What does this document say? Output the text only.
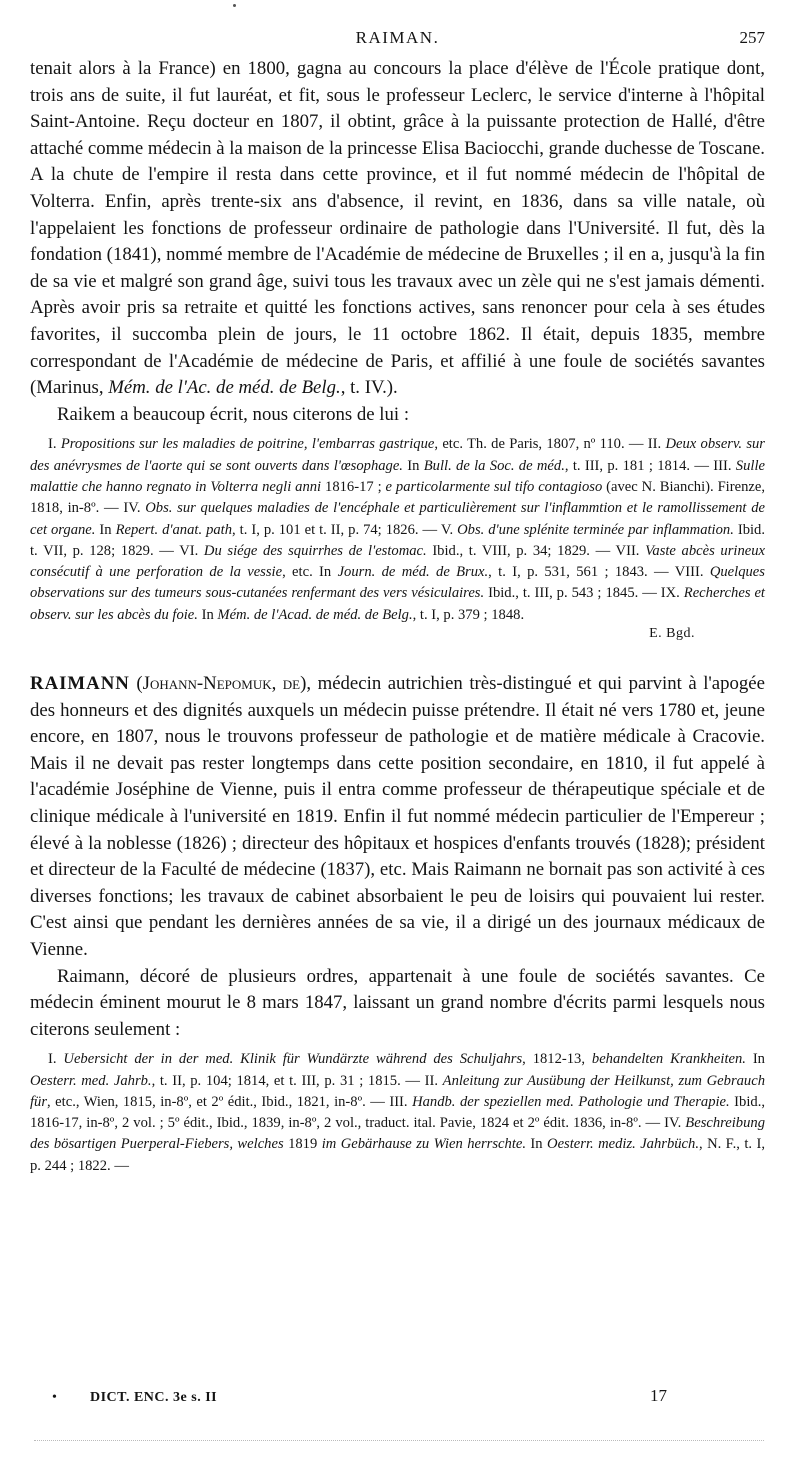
RAIMAN.	257

tenait alors à la France) en 1800, gagna au concours la place d'élève de l'École pratique dont, trois ans de suite, il fut lauréat, et fit, sous le professeur Leclerc, le service d'interne à l'hôpital Saint-Antoine. Reçu docteur en 1807, il obtint, grâce à la puissante protection de Hallé, d'être attaché comme médecin à la maison de la princesse Elisa Baciocchi, grande duchesse de Toscane. A la chute de l'empire il resta dans cette province, et il fut nommé médecin de l'hôpital de Volterra. Enfin, après trente-six ans d'absence, il revint, en 1836, dans sa ville natale, où l'appelaient les fonctions de professeur ordinaire de pathologie dans l'Université. Il fut, dès la fondation (1841), nommé membre de l'Académie de médecine de Bruxelles ; il en a, jusqu'à la fin de sa vie et malgré son grand âge, suivi tous les travaux avec un zèle qui ne s'est jamais démenti. Après avoir pris sa retraite et quitté les fonctions actives, sans renoncer pour cela à ses études favorites, il succomba plein de jours, le 11 octobre 1862. Il était, depuis 1835, membre correspondant de l'Académie de médecine de Paris, et affilié à une foule de sociétés savantes (Marinus, Mém. de l'Ac. de méd. de Belg., t. IV.).

Raikem a beaucoup écrit, nous citerons de lui :

I. Propositions sur les maladies de poitrine, l'embarras gastrique, etc. Th. de Paris, 1807, nº 110. — II. Deux observ. sur des anévrysmes de l'aorte qui se sont ouverts dans l'œsophage. In Bull. de la Soc. de méd., t. III, p. 181 ; 1814. — III. Sulle malattie che hanno regnato in Volterra negli anni 1816-17 ; e particolarmente sul tifo contagioso (avec N. Bianchi). Firenze, 1818, in-8º. — IV. Obs. sur quelques maladies de l'encéphale et particulièrement sur l'inflammtion et le ramollissement de cet organe. In Repert. d'anat. path, t. I, p. 101 et t. II, p. 74; 1826. — V. Obs. d'une splénite terminée par inflammation. Ibid. t. VII, p. 128; 1829. — VI. Du siége des squirrhes de l'estomac. Ibid., t. VIII, p. 34; 1829. — VII. Vaste abcès urineux consécutif à une perforation de la vessie, etc. In Journ. de méd. de Brux., t. I, p. 531, 561 ; 1843. — VIII. Quelques observations sur des tumeurs sous-cutanées renfermant des vers vésiculaires. Ibid., t. III, p. 543 ; 1845. — IX. Recherches et observ. sur les abcès du foie. In Mém. de l'Acad. de méd. de Belg., t. I, p. 379 ; 1848.

E. Bgd.

RAIMANN (Johann-Nepomuk, de), médecin autrichien très-distingué et qui parvint à l'apogée des honneurs et des dignités auxquels un médecin puisse prétendre. Il était né vers 1780 et, jeune encore, en 1807, nous le trouvons professeur de pathologie et de matière médicale à Cracovie. Mais il ne devait pas rester longtemps dans cette position secondaire, en 1810, il fut appelé à l'académie Joséphine de Vienne, puis il entra comme professeur de thérapeutique spéciale et de clinique médicale à l'université en 1819. Enfin il fut nommé médecin particulier de l'Empereur ; élevé à la noblesse (1826) ; directeur des hôpitaux et hospices d'enfants trouvés (1828); président et directeur de la Faculté de médecine (1837), etc. Mais Raimann ne bornait pas son activité à ces diverses fonctions; les travaux de cabinet absorbaient le peu de loisirs qui pouvaient lui rester. C'est ainsi que pendant les dernières années de sa vie, il a dirigé un des journaux médicaux de Vienne.

Raimann, décoré de plusieurs ordres, appartenait à une foule de sociétés savantes. Ce médecin éminent mourut le 8 mars 1847, laissant un grand nombre d'écrits parmi lesquels nous citerons seulement :

I. Uebersicht der in der med. Klinik für Wundärzte während des Schuljahrs, 1812-13, behandelten Krankheiten. In Oesterr. med. Jahrb., t. II, p. 104; 1814, et t. III, p. 31 ; 1815. — II. Anleitung zur Ausübung der Heilkunst, zum Gebrauch für, etc., Wien, 1815, in-8º, et 2º édit., Ibid., 1821, in-8º. — III. Handb. der speziellen med. Pathologie und Therapie. Ibid., 1816-17, in-8º, 2 vol. ; 5º édit., Ibid., 1839, in-8º, 2 vol., traduct. ital. Pavie, 1824 et 2º édit. 1836, in-8º. — IV. Beschreibung des bösartigen Puerperal-Fiebers, welches 1819 im Gebärhause zu Wien herrschte. In Oesterr. mediz. Jahrbüch., N. F., t. I, p. 244 ; 1822. —

• DICT. ENC. 3e s. II	17
